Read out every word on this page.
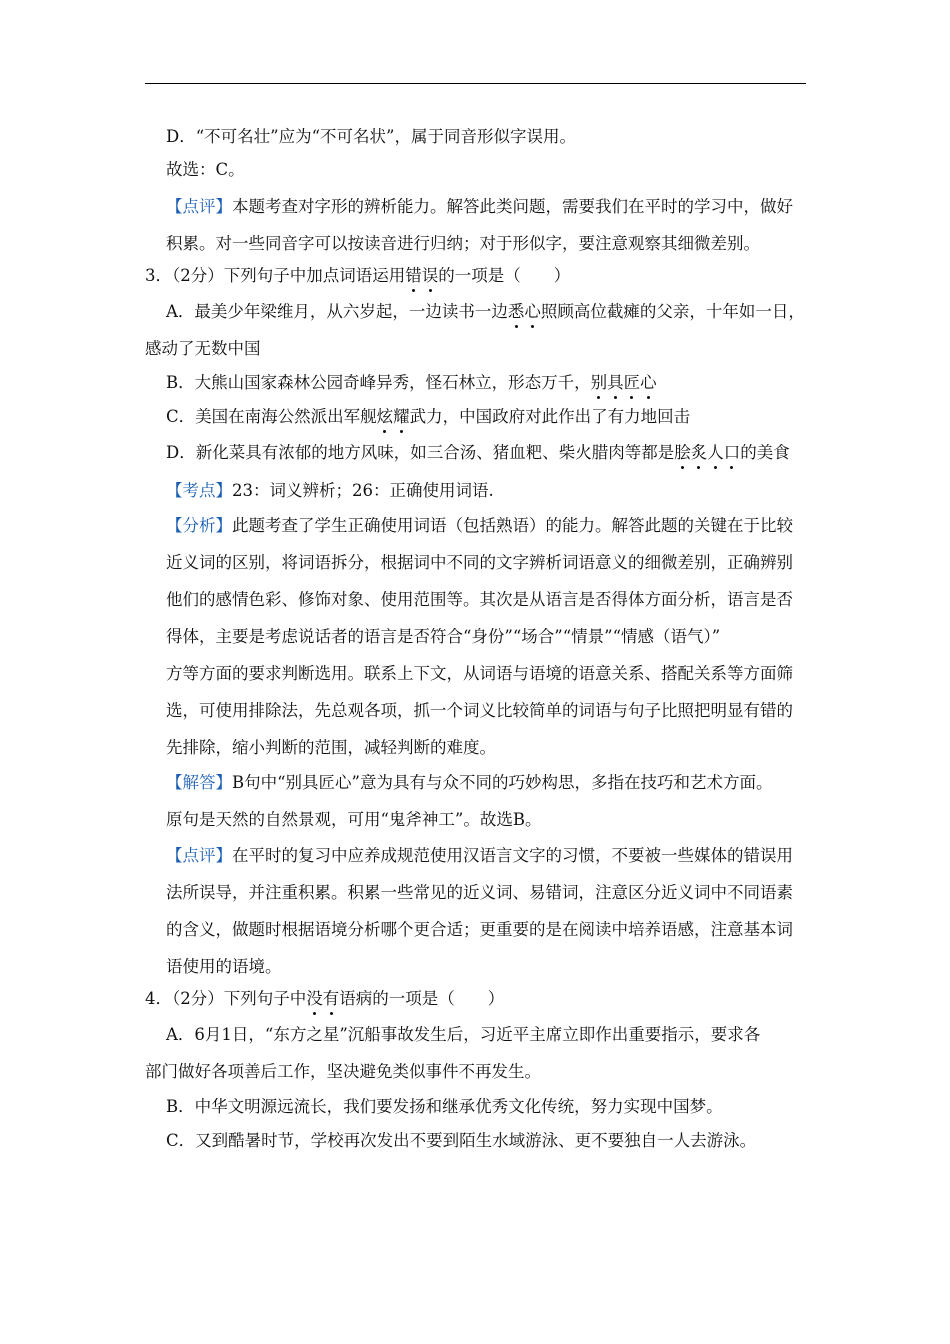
D．“不可名壮”应为“不可名状”，属于同音形似字误用。
故选：C。
【点评】本题考查对字形的辨析能力。解答此类问题，需要我们在平时的学习中，做好
积累。对一些同音字可以按读音进行归纳；对于形似字，要注意观察其细微差别。
3．（2分）下列句子中加点词语运用错误的一项是（　　）
A．最美少年梁维月，从六岁起，一边读书一边悉心照顾高位截瘫的父亲，十年如一日，
感动了无数中国
B．大熊山国家森林公园奇峰异秀，怪石林立，形态万千，别具匠心
C．美国在南海公然派出军舰炫耀武力，中国政府对此作出了有力地回击
D．新化菜具有浓郁的地方风味，如三合汤、猪血粑、柴火腊肉等都是脍炙人口的美食
【考点】23：词义辨析；26：正确使用词语.
【分析】此题考查了学生正确使用词语（包括熟语）的能力。解答此题的关键在于比较
近义词的区别，将词语拆分，根据词中不同的文字辨析词语意义的细微差别，正确辨别
他们的感情色彩、修饰对象、使用范围等。其次是从语言是否得体方面分析，语言是否
得体，主要是考虑说话者的语言是否符合“身份”“场合”“情景”“情感（语气）”
方等方面的要求判断选用。联系上下文，从词语与语境的语意关系、搭配关系等方面筛
选，可使用排除法，先总观各项，抓一个词义比较简单的词语与句子比照把明显有错的
先排除，缩小判断的范围，减轻判断的难度。
【解答】B句中“别具匠心”意为具有与众不同的巧妙构思，多指在技巧和艺术方面。
原句是天然的自然景观，可用“鬼斧神工”。故选B。
【点评】在平时的复习中应养成规范使用汉语言文字的习惯，不要被一些媒体的错误用
法所误导，并注重积累。积累一些常见的近义词、易错词，注意区分近义词中不同语素
的含义，做题时根据语境分析哪个更合适；更重要的是在阅读中培养语感，注意基本词
语使用的语境。
4．（2分）下列句子中没有语病的一项是（　　）
A．6月1日，“东方之星”沉船事故发生后，习近平主席立即作出重要指示，要求各
部门做好各项善后工作，坚决避免类似事件不再发生。
B．中华文明源远流长，我们要发扬和继承优秀文化传统，努力实现中国梦。
C．又到酷暑时节，学校再次发出不要到陌生水域游泳、更不要独自一人去游泳。
